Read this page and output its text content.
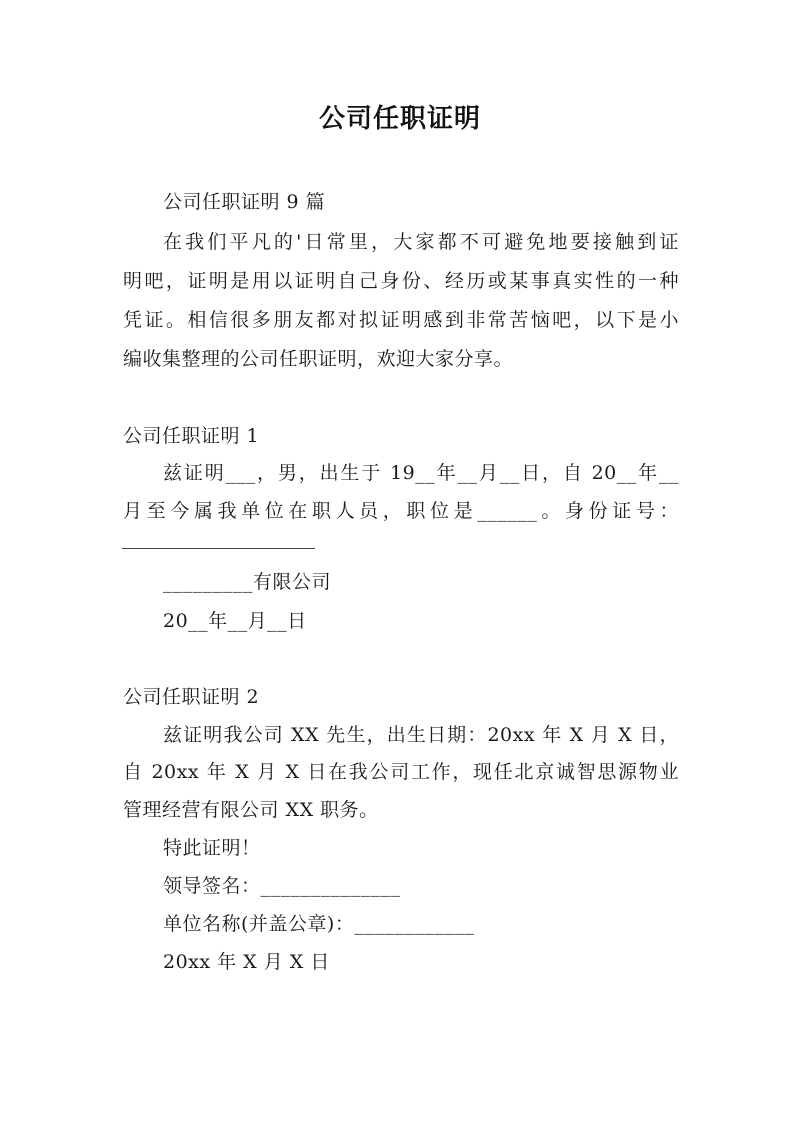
公司任职证明
公司任职证明 9 篇
在我们平凡的'日常里，大家都不可避免地要接触到证
明吧，证明是用以证明自己身份、经历或某事真实性的一种
凭证。相信很多朋友都对拟证明感到非常苦恼吧，以下是小
编收集整理的公司任职证明，欢迎大家分享。
公司任职证明 1
兹证明___，男，出生于 19__年__月__日，自 20__年__
月至今属我单位在职人员，职位是______。身份证号：
_________有限公司
20__年__月__日
公司任职证明 2
兹证明我公司 XX 先生，出生日期：20xx 年 X 月 X 日，
自 20xx 年 X 月 X 日在我公司工作，现任北京诚智思源物业
管理经营有限公司 XX 职务。
特此证明！
领导签名：______________
单位名称(并盖公章)：____________
20xx 年 X 月 X 日
